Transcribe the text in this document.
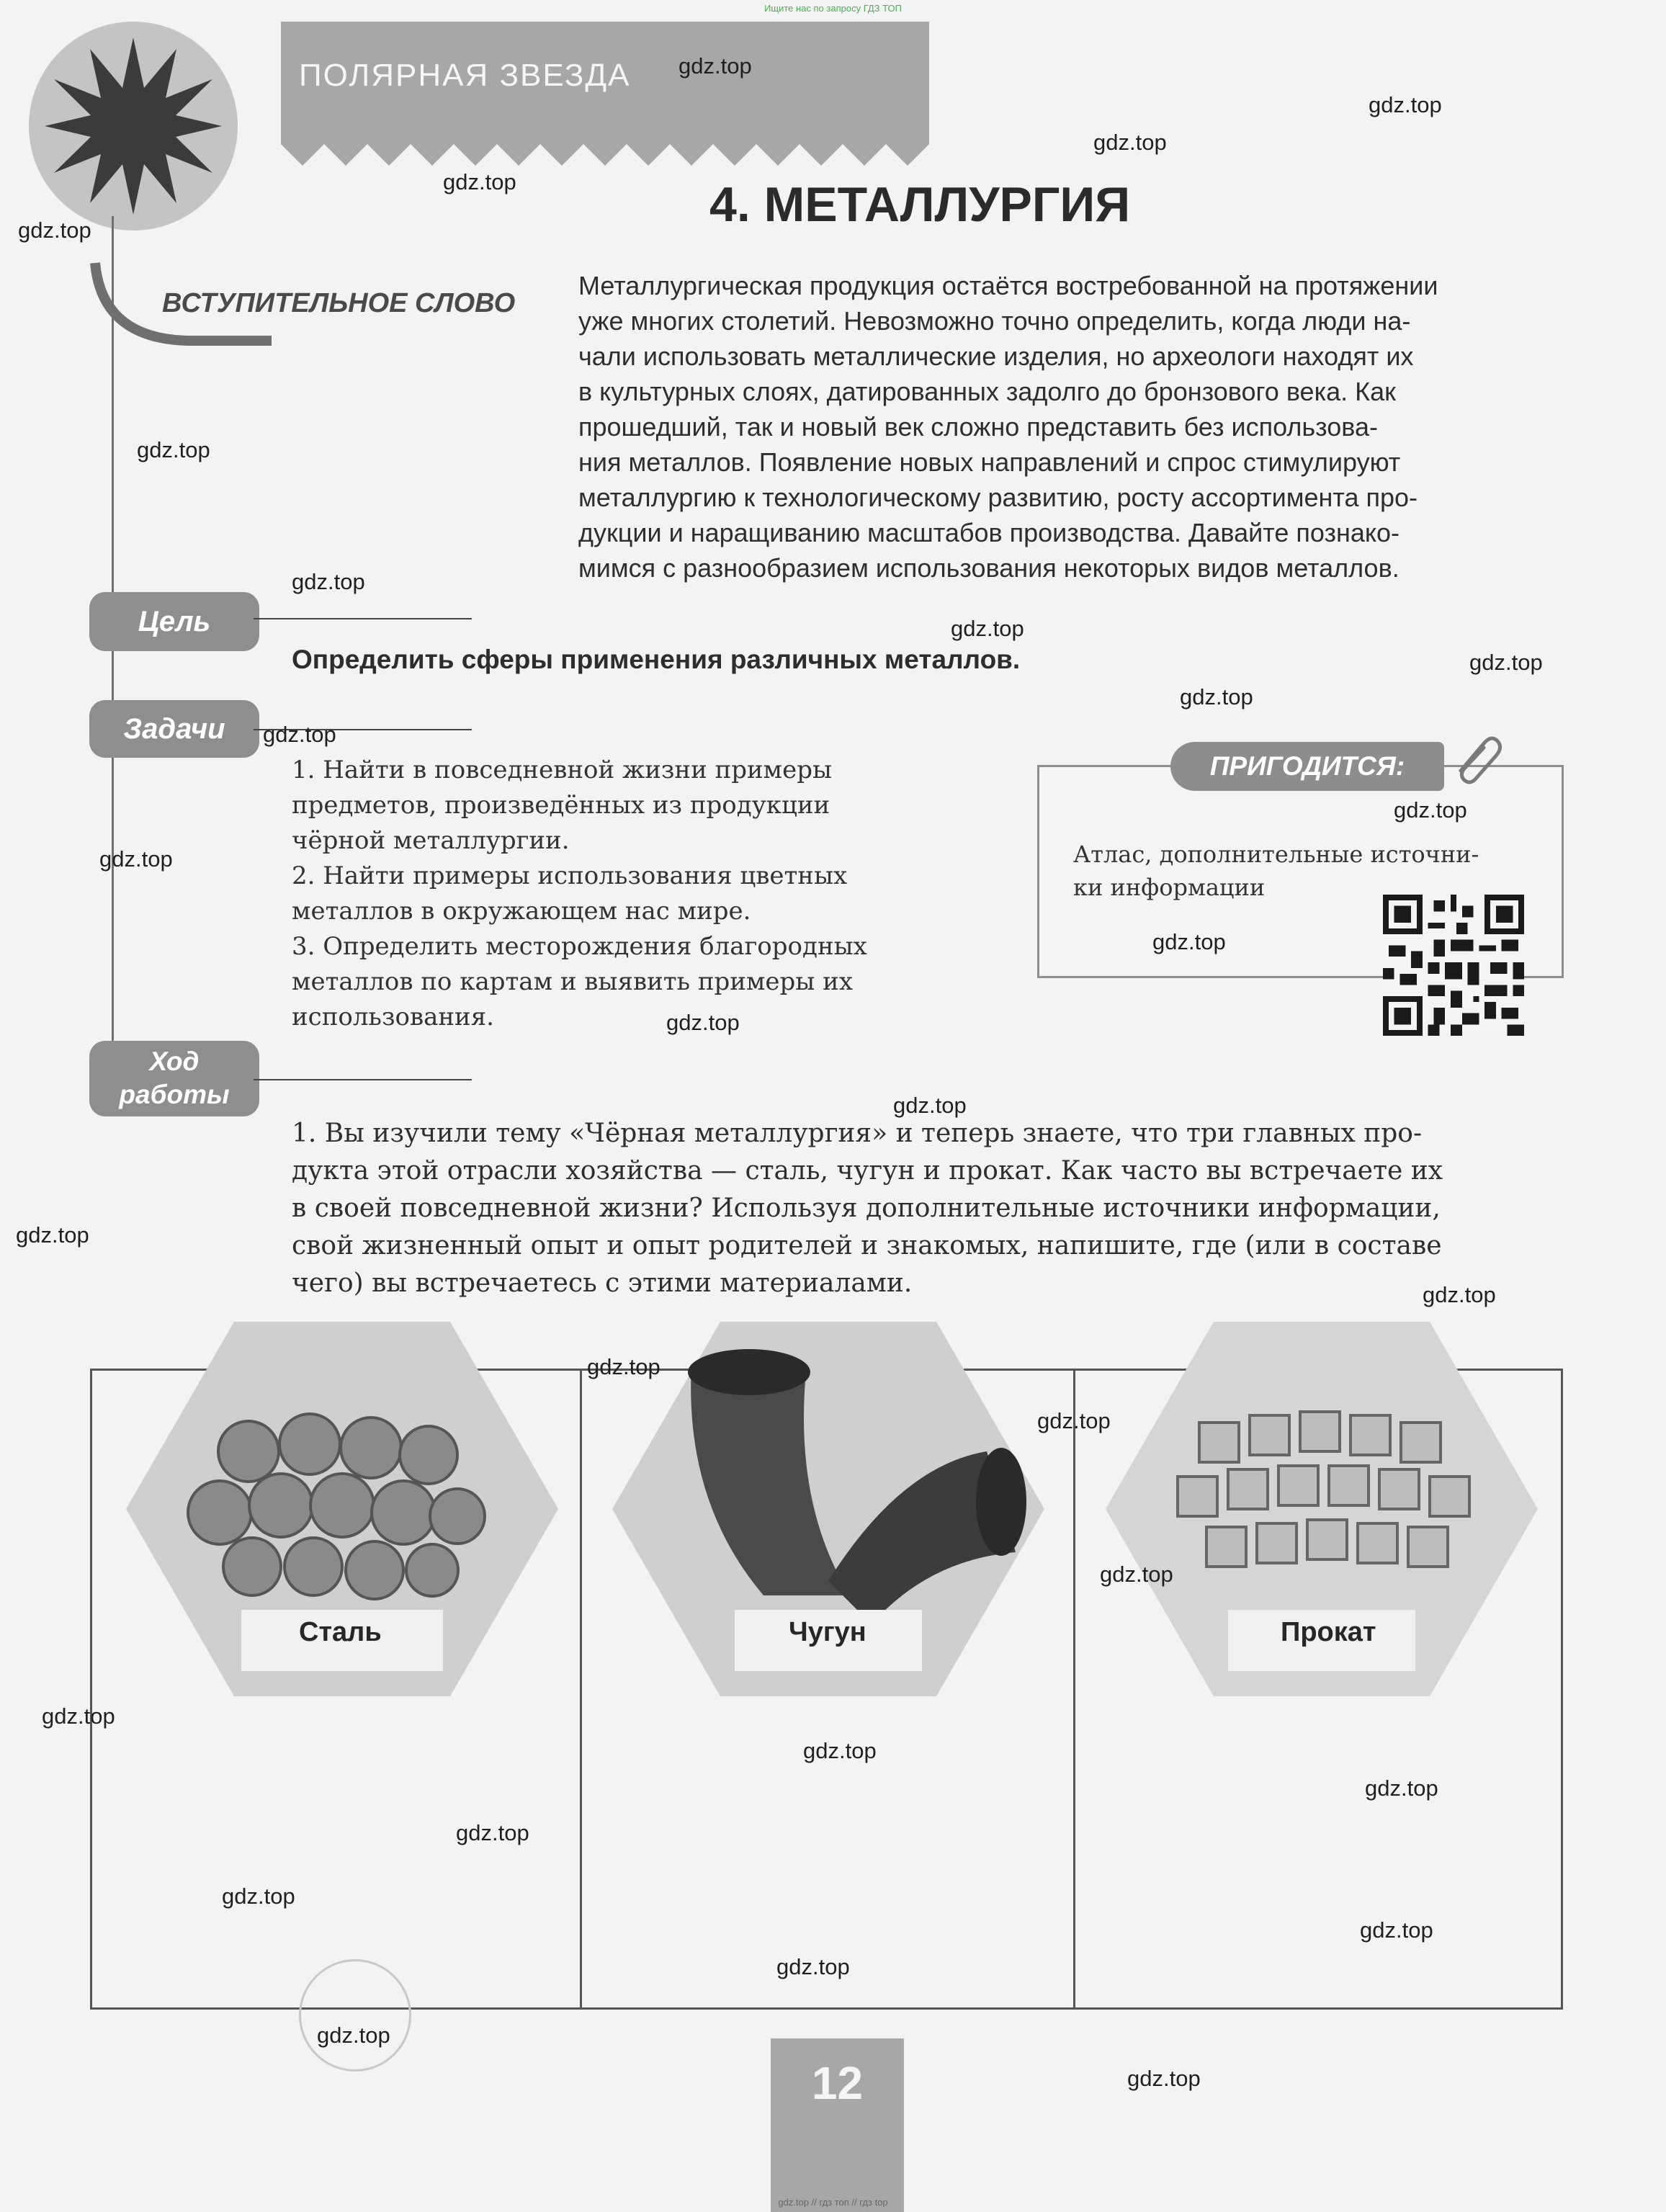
Ищите нас по запросу ГДЗ ТОП
ПОЛЯРНАЯ ЗВЕЗДА
ВСТУПИТЕЛЬНОЕ СЛОВО
4. МЕТАЛЛУРГИЯ
Металлургическая продукция остаётся востребованной на протяжении
уже многих столетий. Невозможно точно определить, когда люди на-
чали использовать металлические изделия, но археологи находят их
в культурных слоях, датированных задолго до бронзового века. Как
прошедший, так и новый век сложно представить без использова-
ния металлов. Появление новых направлений и спрос стимулируют
металлургию к технологическому развитию, росту ассортимента про-
дукции и наращиванию масштабов производства. Давайте познако-
мимся с разнообразием использования некоторых видов металлов.
Цель
Определить сферы применения различных металлов.
Задачи
1. Найти в повседневной жизни примеры
предметов, произведённых из продукции
чёрной металлургии.
2. Найти примеры использования цветных
металлов в окружающем нас мире.
3. Определить месторождения благородных
металлов по картам и выявить примеры их
использования.
ПРИГОДИТСЯ:
Атлас, дополнительные источни-
ки информации
Ход
работы
1. Вы изучили тему «Чёрная металлургия» и теперь знаете, что три главных про-
дукта этой отрасли хозяйства — сталь, чугун и прокат. Как часто вы встречаете их
в своей повседневной жизни? Используя дополнительные источники информации,
свой жизненный опыт и опыт родителей и знакомых, напишите, где (или в составе
чего) вы встречаетесь с этими материалами.
Сталь	Чугун	Прокат
12
gdz.top
gdz.top
gdz.top
gdz.top
gdz.top
gdz.top
gdz.top
gdz.top
gdz.top
gdz.top
gdz.top
gdz.top
gdz.top
gdz.top
gdz.top
gdz.top
gdz.top
gdz.top
gdz.top
gdz.top
gdz.top
gdz.top
gdz.top
gdz.top
gdz.top
gdz.top
gdz.top
gdz.top
gdz.top
gdz.top
gdz.top // гдз топ // гдз top
